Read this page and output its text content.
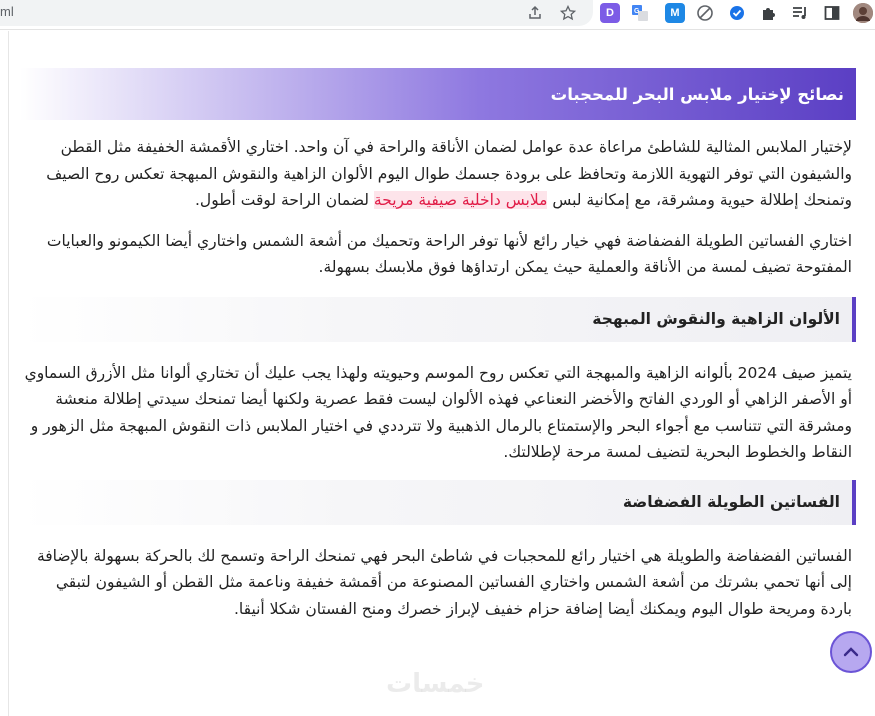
ml	D	G	M
نصائح لإختيار ملابس البحر للمحجبات

لإختيار الملابس المثالية للشاطئ مراعاة عدة عوامل لضمان الأناقة والراحة في آن واحد. اختاري الأقمشة الخفيفة مثل القطن والشيفون التي توفر التهوية اللازمة وتحافظ على برودة جسمك طوال اليوم الألوان الزاهية والنقوش المبهجة تعكس روح الصيف وتمنحك إطلالة حيوية ومشرقة، مع إمكانية لبس ملابس داخلية صيفية مريحة لضمان الراحة لوقت أطول.

اختاري الفساتين الطويلة الفضفاضة فهي خيار رائع لأنها توفر الراحة وتحميك من أشعة الشمس واختاري أيضا الكيمونو والعبايات المفتوحة تضيف لمسة من الأناقة والعملية حيث يمكن ارتداؤها فوق ملابسك بسهولة.

الألوان الزاهية والنقوش المبهجة

يتميز صيف 2024 بألوانه الزاهية والمبهجة التي تعكس روح الموسم وحيويته ولهذا يجب عليك أن تختاري ألوانا مثل الأزرق السماوي أو الأصفر الزاهي أو الوردي الفاتح والأخضر النعناعي فهذه الألوان ليست فقط عصرية ولكنها أيضا تمنحك سيدتي إطلالة منعشة ومشرقة التي تتناسب مع أجواء البحر والإستمتاع بالرمال الذهبية ولا تترددي في اختيار الملابس ذات النقوش المبهجة مثل الزهور و النقاط والخطوط البحرية لتضيف لمسة مرحة لإطلالتك.

الفساتين الطويلة الفضفاضة

الفساتين الفضفاضة والطويلة هي اختيار رائع للمحجبات في شاطئ البحر فهي تمنحك الراحة وتسمح لك بالحركة بسهولة بالإضافة إلى أنها تحمي بشرتك من أشعة الشمس واختاري الفساتين المصنوعة من أقمشة خفيفة وناعمة مثل القطن أو الشيفون لتبقي باردة ومريحة طوال اليوم ويمكنك أيضا إضافة حزام خفيف لإبراز خصرك ومنح الفستان شكلا أنيقا.

خمسات
